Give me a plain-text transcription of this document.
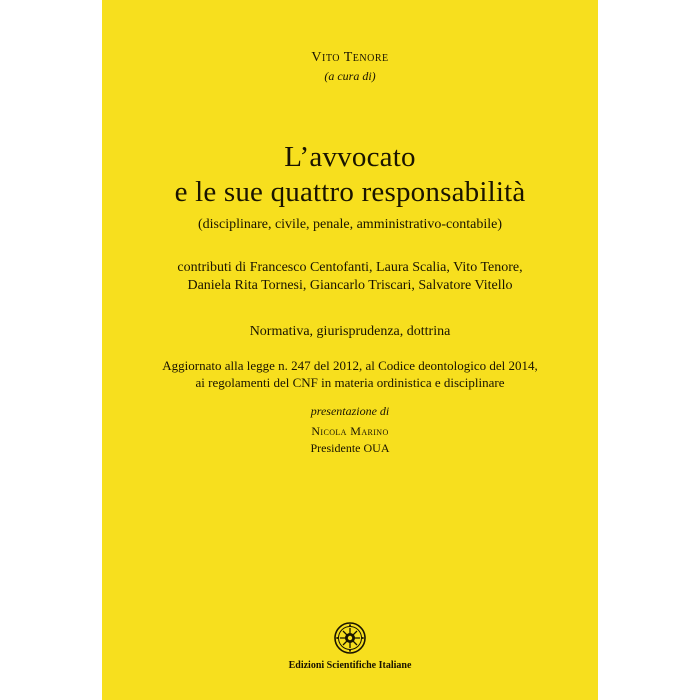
Vito Tenore
(a cura di)
L’avvocato
e le sue quattro responsabilità
(disciplinare, civile, penale, amministrativo-contabile)
contributi di Francesco Centofanti, Laura Scalia, Vito Tenore,
Daniela Rita Tornesi, Giancarlo Triscari, Salvatore Vitello
Normativa, giurisprudenza, dottrina
Aggiornato alla legge n. 247 del 2012, al Codice deontologico del 2014,
ai regolamenti del CNF in materia ordinistica e disciplinare
presentazione di
Nicola Marino
Presidente OUA
Edizioni Scientifiche Italiane
